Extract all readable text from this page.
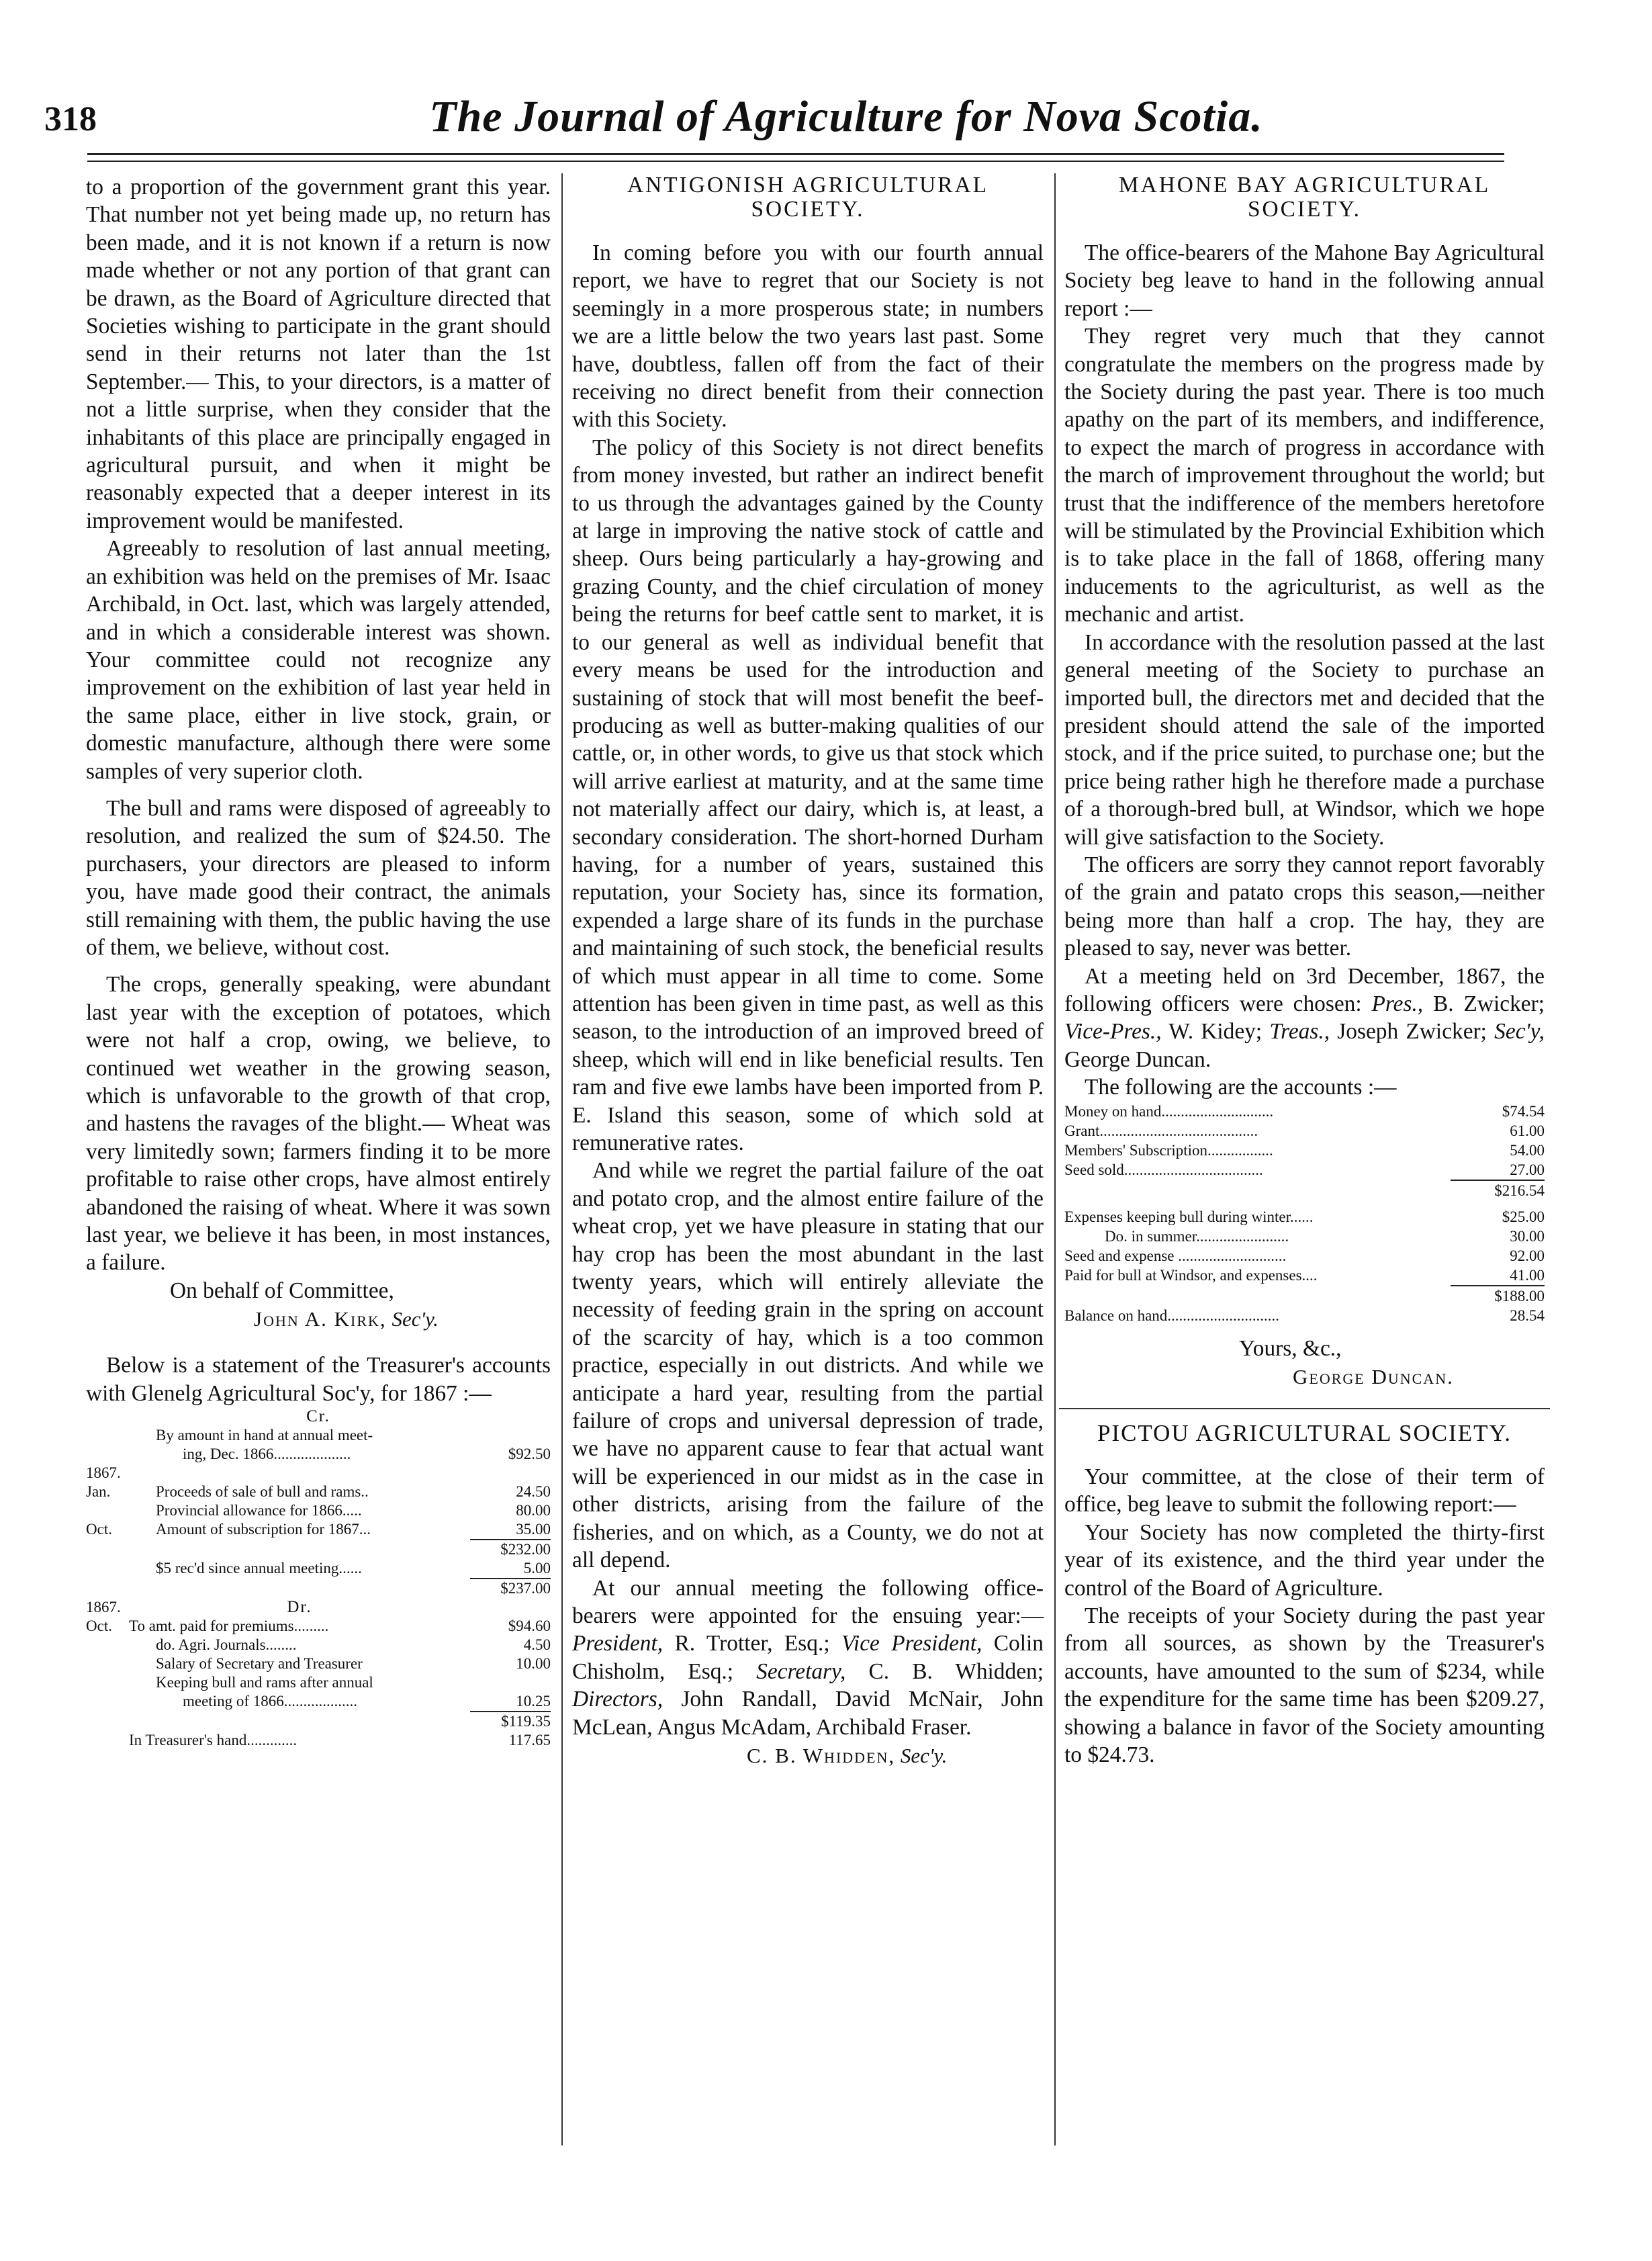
318	The Journal of Agriculture for Nova Scotia.

to a proportion of the government grant this year. That number not yet being made up, no return has been made, and it is not known if a return is now made whether or not any portion of that grant can be drawn, as the Board of Agriculture directed that Societies wishing to participate in the grant should send in their returns not later than the 1st September.— This, to your directors, is a matter of not a little surprise, when they consider that the inhabitants of this place are principally engaged in agricultural pursuit, and when it might be reasonably expected that a deeper interest in its improvement would be manifested.

Agreeably to resolution of last annual meeting, an exhibition was held on the premises of Mr. Isaac Archibald, in Oct. last, which was largely attended, and in which a considerable interest was shown. Your committee could not recognize any improvement on the exhibition of last year held in the same place, either in live stock, grain, or domestic manufacture, although there were some samples of very superior cloth.

The bull and rams were disposed of agreeably to resolution, and realized the sum of $24.50. The purchasers, your directors are pleased to inform you, have made good their contract, the animals still remaining with them, the public having the use of them, we believe, without cost.

The crops, generally speaking, were abundant last year with the exception of potatoes, which were not half a crop, owing, we believe, to continued wet weather in the growing season, which is unfavorable to the growth of that crop, and hastens the ravages of the blight.— Wheat was very limitedly sown; farmers finding it to be more profitable to raise other crops, have almost entirely abandoned the raising of wheat. Where it was sown last year, we believe it has been, in most instances, a failure.

On behalf of Committee,

John A. Kirk, Sec'y.

Below is a statement of the Treasurer's accounts with Glenelg Agricultural Soc'y, for 1867 :—

Cr.		
	By amount in hand at annual meet-	
	ing, Dec. 1866....................	$92.50
1867.		
Jan.	Proceeds of sale of bull and rams..	24.50
	Provincial allowance for 1866.....	80.00
Oct.	Amount of subscription for 1867...	35.00
		$232.00
	$5 rec'd since annual meeting......	5.00
		$237.00
1867.	Dr.	
Oct.	To amt. paid for premiums.........	$94.60
	do. Agri. Journals........	4.50
	Salary of Secretary and Treasurer	10.00
	Keeping bull and rams after annual	
	meeting of 1866...................	10.25
		$119.35
	In Treasurer's hand.............	117.65
ANTIGONISH AGRICULTURAL SOCIETY.

In coming before you with our fourth annual report, we have to regret that our Society is not seemingly in a more prosperous state; in numbers we are a little below the two years last past. Some have, doubtless, fallen off from the fact of their receiving no direct benefit from their connection with this Society.

The policy of this Society is not direct benefits from money invested, but rather an indirect benefit to us through the advantages gained by the County at large in improving the native stock of cattle and sheep. Ours being particularly a hay-growing and grazing County, and the chief circulation of money being the returns for beef cattle sent to market, it is to our general as well as individual benefit that every means be used for the introduction and sustaining of stock that will most benefit the beef-producing as well as butter-making qualities of our cattle, or, in other words, to give us that stock which will arrive earliest at maturity, and at the same time not materially affect our dairy, which is, at least, a secondary consideration. The short-horned Durham having, for a number of years, sustained this reputation, your Society has, since its formation, expended a large share of its funds in the purchase and maintaining of such stock, the beneficial results of which must appear in all time to come. Some attention has been given in time past, as well as this season, to the introduction of an improved breed of sheep, which will end in like beneficial results. Ten ram and five ewe lambs have been imported from P. E. Island this season, some of which sold at remunerative rates.

And while we regret the partial failure of the oat and potato crop, and the almost entire failure of the wheat crop, yet we have pleasure in stating that our hay crop has been the most abundant in the last twenty years, which will entirely alleviate the necessity of feeding grain in the spring on account of the scarcity of hay, which is a too common practice, especially in out districts. And while we anticipate a hard year, resulting from the partial failure of crops and universal depression of trade, we have no apparent cause to fear that actual want will be experienced in our midst as in the case in other districts, arising from the failure of the fisheries, and on which, as a County, we do not at all depend.

At our annual meeting the following office-bearers were appointed for the ensuing year:—President, R. Trotter, Esq.; Vice President, Colin Chisholm, Esq.; Secretary, C. B. Whidden; Directors, John Randall, David McNair, John McLean, Angus McAdam, Archibald Fraser.

C. B. Whidden, Sec'y.
MAHONE BAY AGRICULTURAL SOCIETY.

The office-bearers of the Mahone Bay Agricultural Society beg leave to hand in the following annual report :—

They regret very much that they cannot congratulate the members on the progress made by the Society during the past year. There is too much apathy on the part of its members, and indifference, to expect the march of progress in accordance with the march of improvement throughout the world; but trust that the indifference of the members heretofore will be stimulated by the Provincial Exhibition which is to take place in the fall of 1868, offering many inducements to the agriculturist, as well as the mechanic and artist.

In accordance with the resolution passed at the last general meeting of the Society to purchase an imported bull, the directors met and decided that the president should attend the sale of the imported stock, and if the price suited, to purchase one; but the price being rather high he therefore made a purchase of a thorough-bred bull, at Windsor, which we hope will give satisfaction to the Society.

The officers are sorry they cannot report favorably of the grain and patato crops this season,—neither being more than half a crop. The hay, they are pleased to say, never was better.

At a meeting held on 3rd December, 1867, the following officers were chosen: Pres., B. Zwicker; Vice-Pres., W. Kidey; Treas., Joseph Zwicker; Sec'y, George Duncan.

The following are the accounts :—

Money on hand.............................	$74.54
Grant.........................................	61.00
Members' Subscription.................	54.00
Seed sold....................................	27.00
	$216.54

Expenses keeping bull during winter......	$25.00
Do. in summer........................	30.00
Seed and expense ............................	92.00
Paid for bull at Windsor, and expenses....	41.00
	$188.00
Balance on hand.............................	28.54

Yours, &c.,

George Duncan.
PICTOU AGRICULTURAL SOCIETY.

Your committee, at the close of their term of office, beg leave to submit the following report:—

Your Society has now completed the thirty-first year of its existence, and the third year under the control of the Board of Agriculture.

The receipts of your Society during the past year from all sources, as shown by the Treasurer's accounts, have amounted to the sum of $234, while the expenditure for the same time has been $209.27, showing a balance in favor of the Society amounting to $24.73.
